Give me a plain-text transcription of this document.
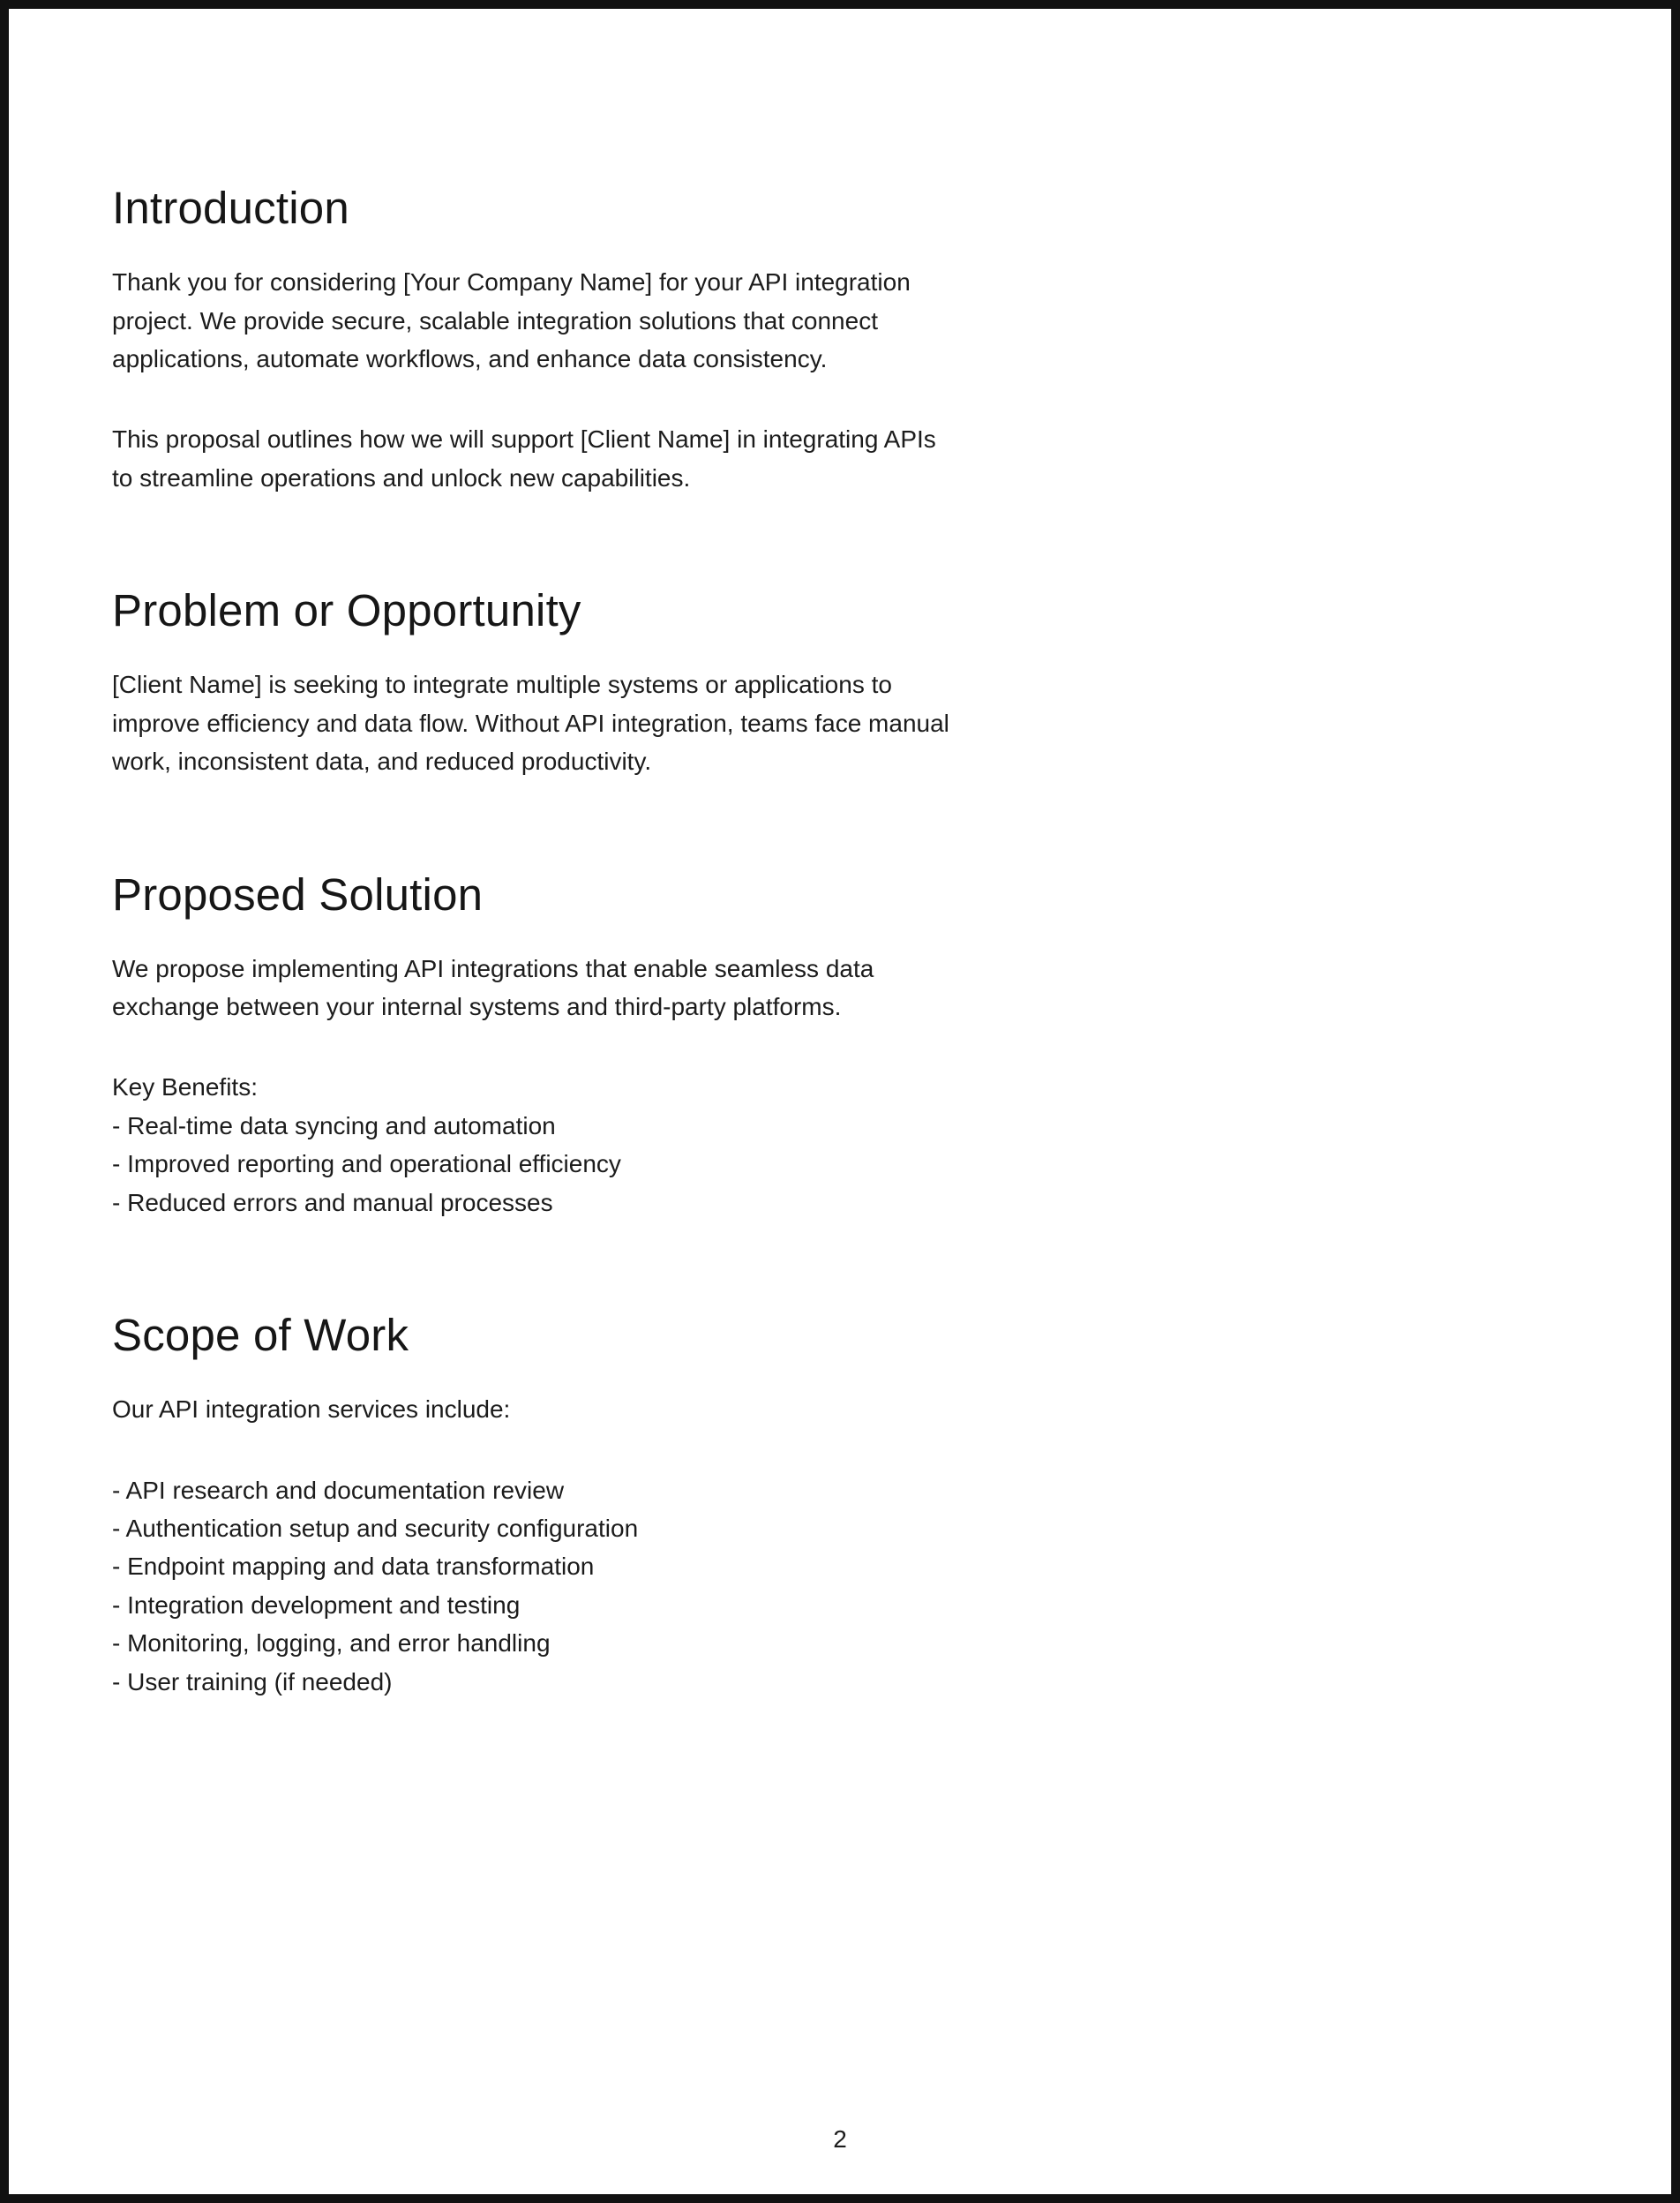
Introduction

Thank you for considering [Your Company Name] for your API integration project. We provide secure, scalable integration solutions that connect applications, automate workflows, and enhance data consistency.

This proposal outlines how we will support [Client Name] in integrating APIs to streamline operations and unlock new capabilities.

Problem or Opportunity

[Client Name] is seeking to integrate multiple systems or applications to improve efficiency and data flow. Without API integration, teams face manual work, inconsistent data, and reduced productivity.

Proposed Solution

We propose implementing API integrations that enable seamless data exchange between your internal systems and third-party platforms.

Key Benefits:
- Real-time data syncing and automation
- Improved reporting and operational efficiency
- Reduced errors and manual processes
Scope of Work

Our API integration services include:

- API research and documentation review
- Authentication setup and security configuration
- Endpoint mapping and data transformation
- Integration development and testing
- Monitoring, logging, and error handling
- User training (if needed)
2
